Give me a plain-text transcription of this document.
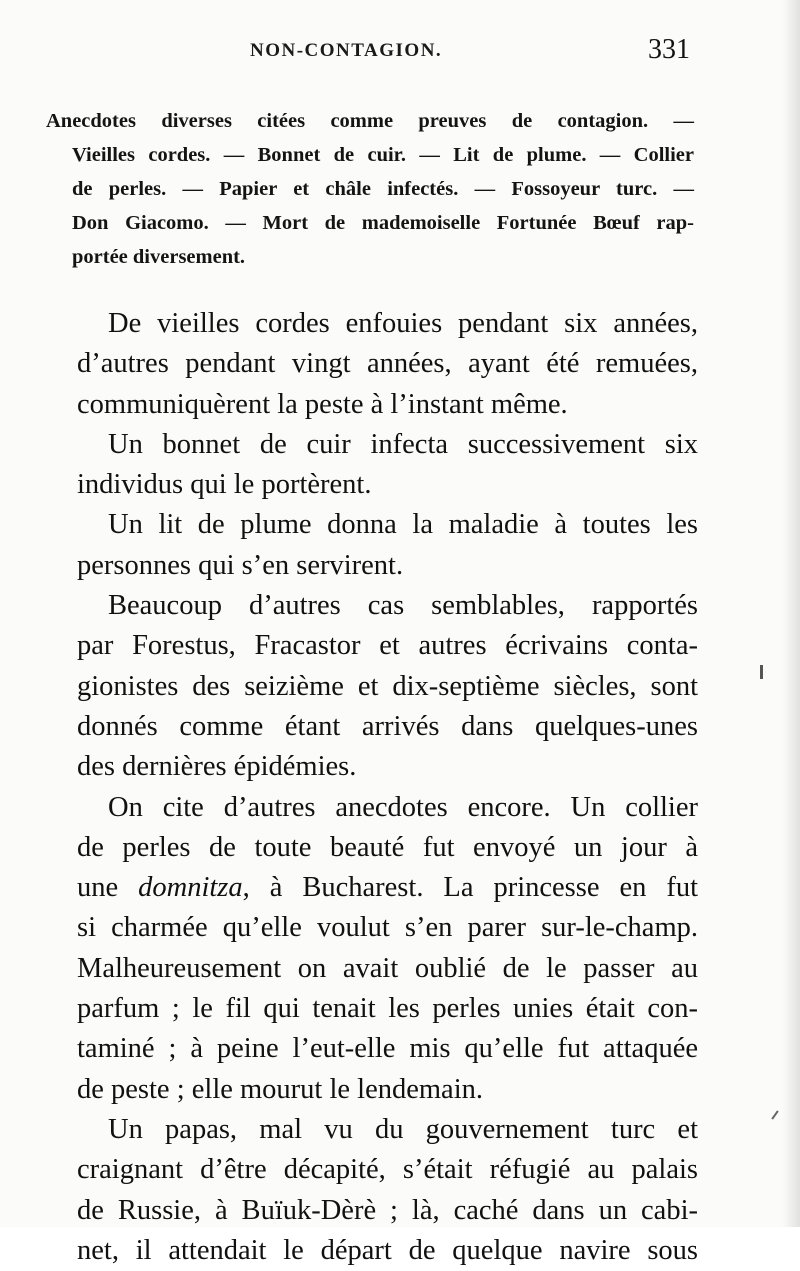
NON-CONTAGION.	331
Anecdotes diverses citées comme preuves de contagion. —
Vieilles cordes. — Bonnet de cuir. — Lit de plume. — Collier
de perles. — Papier et châle infectés. — Fossoyeur turc. —
Don Giacomo. — Mort de mademoiselle Fortunée Bœuf rap-
portée diversement.

De vieilles cordes enfouies pendant six années,
d’autres pendant vingt années, ayant été remuées,
communiquèrent la peste à l’instant même.

Un bonnet de cuir infecta successivement six
individus qui le portèrent.

Un lit de plume donna la maladie à toutes les
personnes qui s’en servirent.

Beaucoup d’autres cas semblables, rapportés
par Forestus, Fracastor et autres écrivains conta-
gionistes des seizième et dix-septième siècles, sont
donnés comme étant arrivés dans quelques-unes
des dernières épidémies.

On cite d’autres anecdotes encore. Un collier
de perles de toute beauté fut envoyé un jour à
une domnitza, à Bucharest. La princesse en fut
si charmée qu’elle voulut s’en parer sur-le-champ.
Malheureusement on avait oublié de le passer au
parfum ; le fil qui tenait les perles unies était con-
taminé ; à peine l’eut-elle mis qu’elle fut attaquée
de peste ; elle mourut le lendemain.

Un papas, mal vu du gouvernement turc et
craignant d’être décapité, s’était réfugié au palais
de Russie, à Buïuk-Dèrè ; là, caché dans un cabi-
net, il attendait le départ de quelque navire sous
